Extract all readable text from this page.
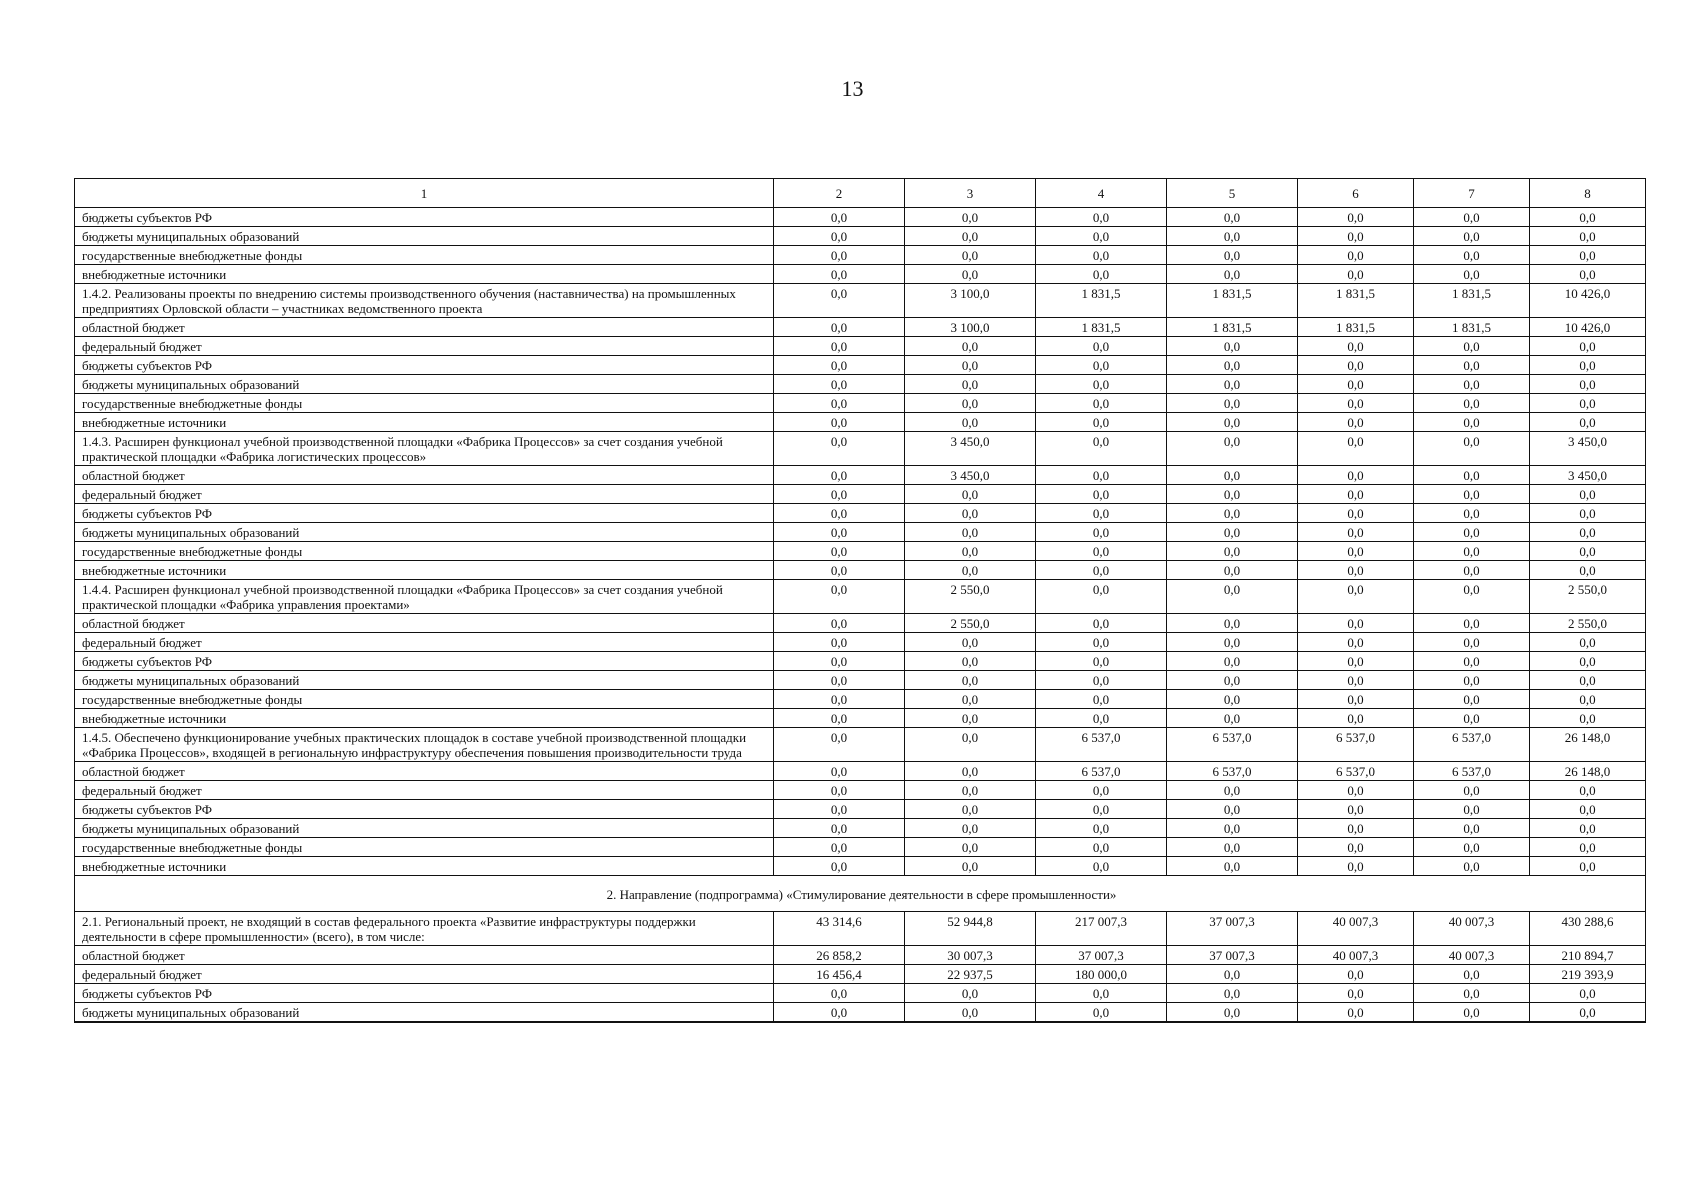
13
1	2	3	4	5	6	7	8
бюджеты субъектов РФ	0,0	0,0	0,0	0,0	0,0	0,0	0,0
бюджеты муниципальных образований	0,0	0,0	0,0	0,0	0,0	0,0	0,0
государственные внебюджетные фонды	0,0	0,0	0,0	0,0	0,0	0,0	0,0
внебюджетные источники	0,0	0,0	0,0	0,0	0,0	0,0	0,0
1.4.2. Реализованы проекты по внедрению системы производственного обучения (наставничества) на промышленных предприятиях Орловской области – участниках ведомственного проекта	0,0	3 100,0	1 831,5	1 831,5	1 831,5	1 831,5	10 426,0
областной бюджет	0,0	3 100,0	1 831,5	1 831,5	1 831,5	1 831,5	10 426,0
федеральный бюджет	0,0	0,0	0,0	0,0	0,0	0,0	0,0
бюджеты субъектов РФ	0,0	0,0	0,0	0,0	0,0	0,0	0,0
бюджеты муниципальных образований	0,0	0,0	0,0	0,0	0,0	0,0	0,0
государственные внебюджетные фонды	0,0	0,0	0,0	0,0	0,0	0,0	0,0
внебюджетные источники	0,0	0,0	0,0	0,0	0,0	0,0	0,0
1.4.3. Расширен функционал учебной производственной площадки «Фабрика Процессов» за счет создания учебной практической площадки «Фабрика логистических процессов»	0,0	3 450,0	0,0	0,0	0,0	0,0	3 450,0
областной бюджет	0,0	3 450,0	0,0	0,0	0,0	0,0	3 450,0
федеральный бюджет	0,0	0,0	0,0	0,0	0,0	0,0	0,0
бюджеты субъектов РФ	0,0	0,0	0,0	0,0	0,0	0,0	0,0
бюджеты муниципальных образований	0,0	0,0	0,0	0,0	0,0	0,0	0,0
государственные внебюджетные фонды	0,0	0,0	0,0	0,0	0,0	0,0	0,0
внебюджетные источники	0,0	0,0	0,0	0,0	0,0	0,0	0,0
1.4.4. Расширен функционал учебной производственной площадки «Фабрика Процессов» за счет создания учебной практической площадки «Фабрика управления проектами»	0,0	2 550,0	0,0	0,0	0,0	0,0	2 550,0
областной бюджет	0,0	2 550,0	0,0	0,0	0,0	0,0	2 550,0
федеральный бюджет	0,0	0,0	0,0	0,0	0,0	0,0	0,0
бюджеты субъектов РФ	0,0	0,0	0,0	0,0	0,0	0,0	0,0
бюджеты муниципальных образований	0,0	0,0	0,0	0,0	0,0	0,0	0,0
государственные внебюджетные фонды	0,0	0,0	0,0	0,0	0,0	0,0	0,0
внебюджетные источники	0,0	0,0	0,0	0,0	0,0	0,0	0,0
1.4.5. Обеспечено функционирование учебных практических площадок в составе учебной производственной площадки «Фабрика Процессов», входящей в региональную инфраструктуру обеспечения повышения производительности труда	0,0	0,0	6 537,0	6 537,0	6 537,0	6 537,0	26 148,0
областной бюджет	0,0	0,0	6 537,0	6 537,0	6 537,0	6 537,0	26 148,0
федеральный бюджет	0,0	0,0	0,0	0,0	0,0	0,0	0,0
бюджеты субъектов РФ	0,0	0,0	0,0	0,0	0,0	0,0	0,0
бюджеты муниципальных образований	0,0	0,0	0,0	0,0	0,0	0,0	0,0
государственные внебюджетные фонды	0,0	0,0	0,0	0,0	0,0	0,0	0,0
внебюджетные источники	0,0	0,0	0,0	0,0	0,0	0,0	0,0
2. Направление (подпрограмма) «Стимулирование деятельности в сфере промышленности»							
2.1. Региональный проект, не входящий в состав федерального проекта «Развитие инфраструктуры поддержки деятельности в сфере промышленности» (всего), в том числе:	43 314,6	52 944,8	217 007,3	37 007,3	40 007,3	40 007,3	430 288,6
областной бюджет	26 858,2	30 007,3	37 007,3	37 007,3	40 007,3	40 007,3	210 894,7
федеральный бюджет	16 456,4	22 937,5	180 000,0	0,0	0,0	0,0	219 393,9
бюджеты субъектов РФ	0,0	0,0	0,0	0,0	0,0	0,0	0,0
бюджеты муниципальных образований	0,0	0,0	0,0	0,0	0,0	0,0	0,0
